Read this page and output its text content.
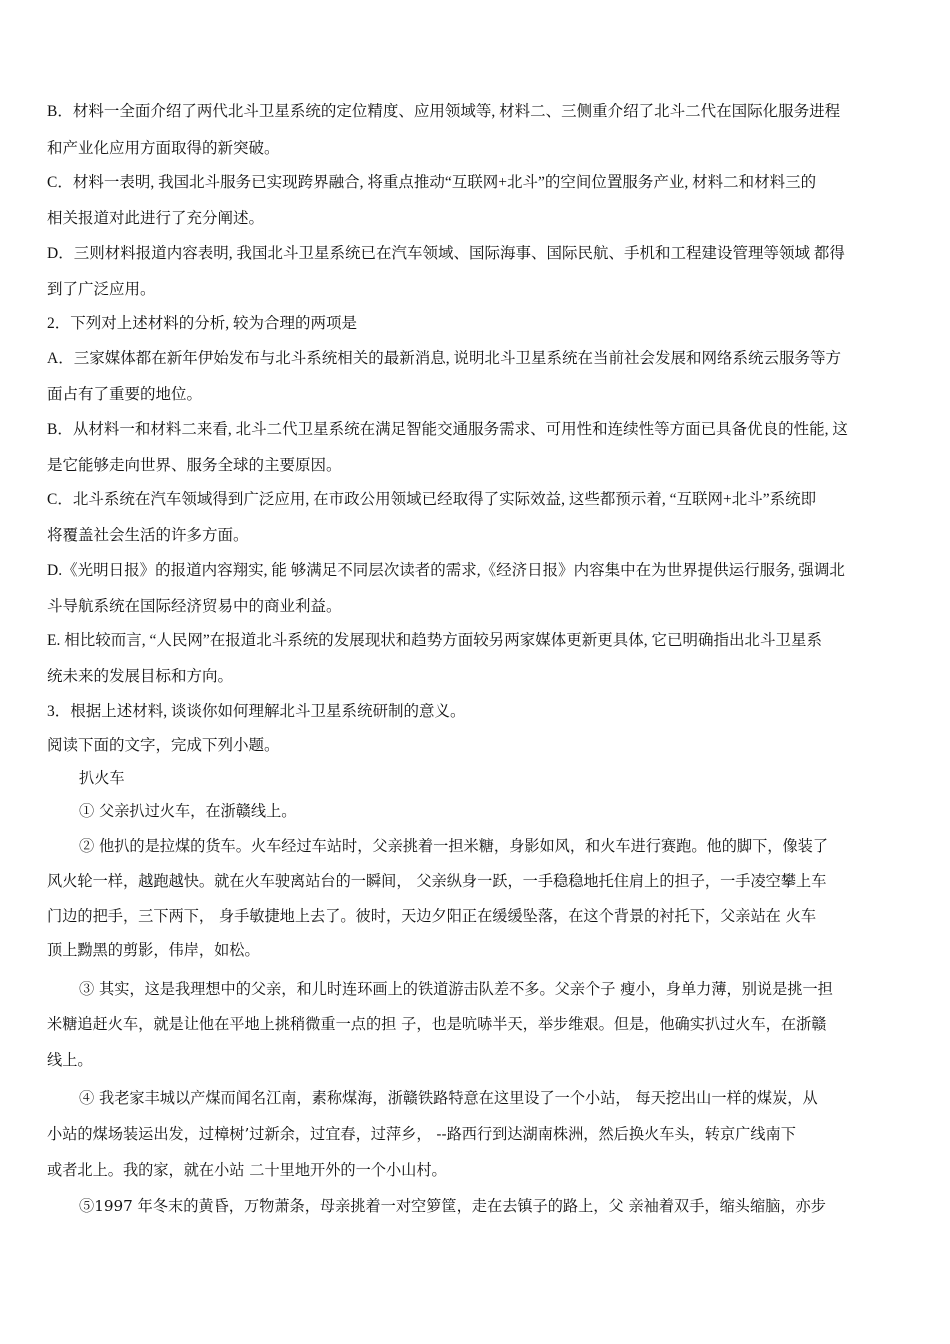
B．材料一全面介绍了两代北斗卫星系统的定位精度、应用领域等, 材料二、三侧重介绍了北斗二代在国际化服务进程
和产业化应用方面取得的新突破。
C．材料一表明, 我国北斗服务已实现跨界融合, 将重点推动“互联网+北斗”的空间位置服务产业, 材料二和材料三的
相关报道对此进行了充分阐述。
D．三则材料报道内容表明, 我国北斗卫星系统已在汽车领域、国际海事、国际民航、手机和工程建设管理等领域 都得
到了广泛应用。
2．下列对上述材料的分析, 较为合理的两项是
A．三家媒体都在新年伊始发布与北斗系统相关的最新消息, 说明北斗卫星系统在当前社会发展和网络系统云服务等方
面占有了重要的地位。
B．从材料一和材料二来看, 北斗二代卫星系统在满足智能交通服务需求、可用性和连续性等方面已具备优良的性能, 这
是它能够走向世界、服务全球的主要原因。
C．北斗系统在汽车领域得到广泛应用, 在市政公用领域已经取得了实际效益, 这些都预示着, “互联网+北斗”系统即
将覆盖社会生活的许多方面。
D.《光明日报》的报道内容翔实, 能 够满足不同层次读者的需求,《经济日报》内容集中在为世界提供运行服务, 强调北
斗导航系统在国际经济贸易中的商业利益。
E. 相比较而言, “人民网”在报道北斗系统的发展现状和趋势方面较另两家媒体更新更具体, 它已明确指出北斗卫星系
统未来的发展目标和方向。
3．根据上述材料, 谈谈你如何理解北斗卫星系统研制的意义。
阅读下面的文字，完成下列小题。
扒火车
① 父亲扒过火车，在浙赣线上。
② 他扒的是拉煤的货车。火车经过车站时，父亲挑着一担米糖，身影如风，和火车进行赛跑。他的脚下，像装了
风火轮一样，越跑越快。就在火车驶离站台的一瞬间， 父亲纵身一跃，一手稳稳地托住肩上的担子，一手凌空攀上车
门边的把手，三下两下， 身手敏捷地上去了。彼时，天边夕阳正在缓缓坠落，在这个背景的衬托下，父亲站在 火车
顶上黝黑的剪影，伟岸，如松。
③ 其实，这是我理想中的父亲，和儿时连环画上的铁道游击队差不多。父亲个子 瘦小，身单力薄，别说是挑一担
米糖追赶火车，就是让他在平地上挑稍微重一点的担 子，也是吭哧半天，举步维艰。但是，他确实扒过火车，在浙赣
线上。
④ 我老家丰城以产煤而闻名江南，素称煤海，浙赣铁路特意在这里设了一个小站， 每天挖出山一样的煤炭，从
小站的煤场装运出发，过樟树’过新余，过宜春，过萍乡， --路西行到达湖南株洲，然后换火车头，转京广线南下
或者北上。我的家，就在小站 二十里地开外的一个小山村。
⑤1997 年冬末的黄昏，万物萧条，母亲挑着一对空箩筐，走在去镇子的路上，父 亲袖着双手，缩头缩脑，亦步
